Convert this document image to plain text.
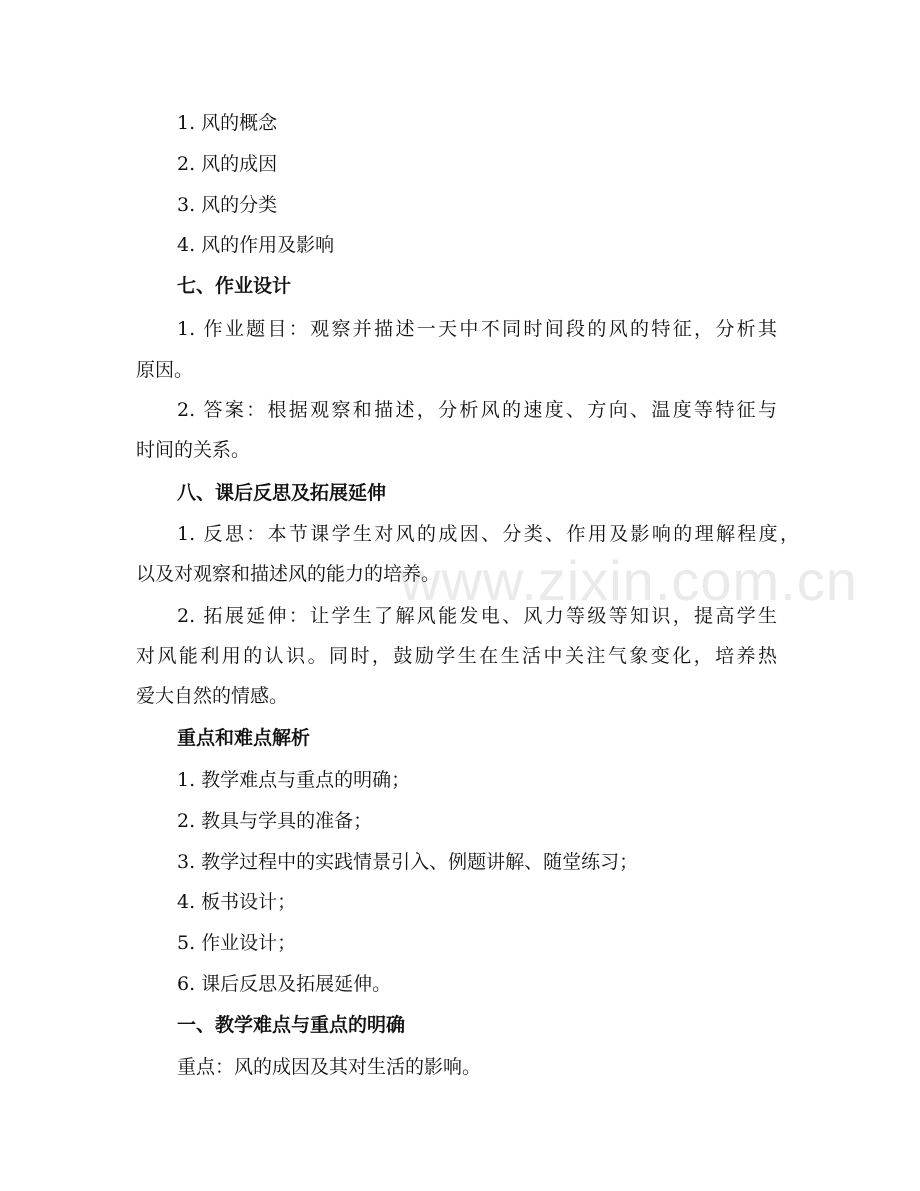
www.zixin.com.cn
1. 风的概念
2. 风的成因
3. 风的分类
4. 风的作用及影响
七、作业设计
1. 作业题目：观察并描述一天中不同时间段的风的特征，分析其
原因。
2. 答案：根据观察和描述，分析风的速度、方向、温度等特征与
时间的关系。
八、课后反思及拓展延伸
1. 反思：本节课学生对风的成因、分类、作用及影响的理解程度，
以及对观察和描述风的能力的培养。
2. 拓展延伸：让学生了解风能发电、风力等级等知识，提高学生
对风能利用的认识。同时，鼓励学生在生活中关注气象变化，培养热
爱大自然的情感。
重点和难点解析
1. 教学难点与重点的明确；
2. 教具与学具的准备；
3. 教学过程中的实践情景引入、例题讲解、随堂练习；
4. 板书设计；
5. 作业设计；
6. 课后反思及拓展延伸。
一、教学难点与重点的明确
重点：风的成因及其对生活的影响。
